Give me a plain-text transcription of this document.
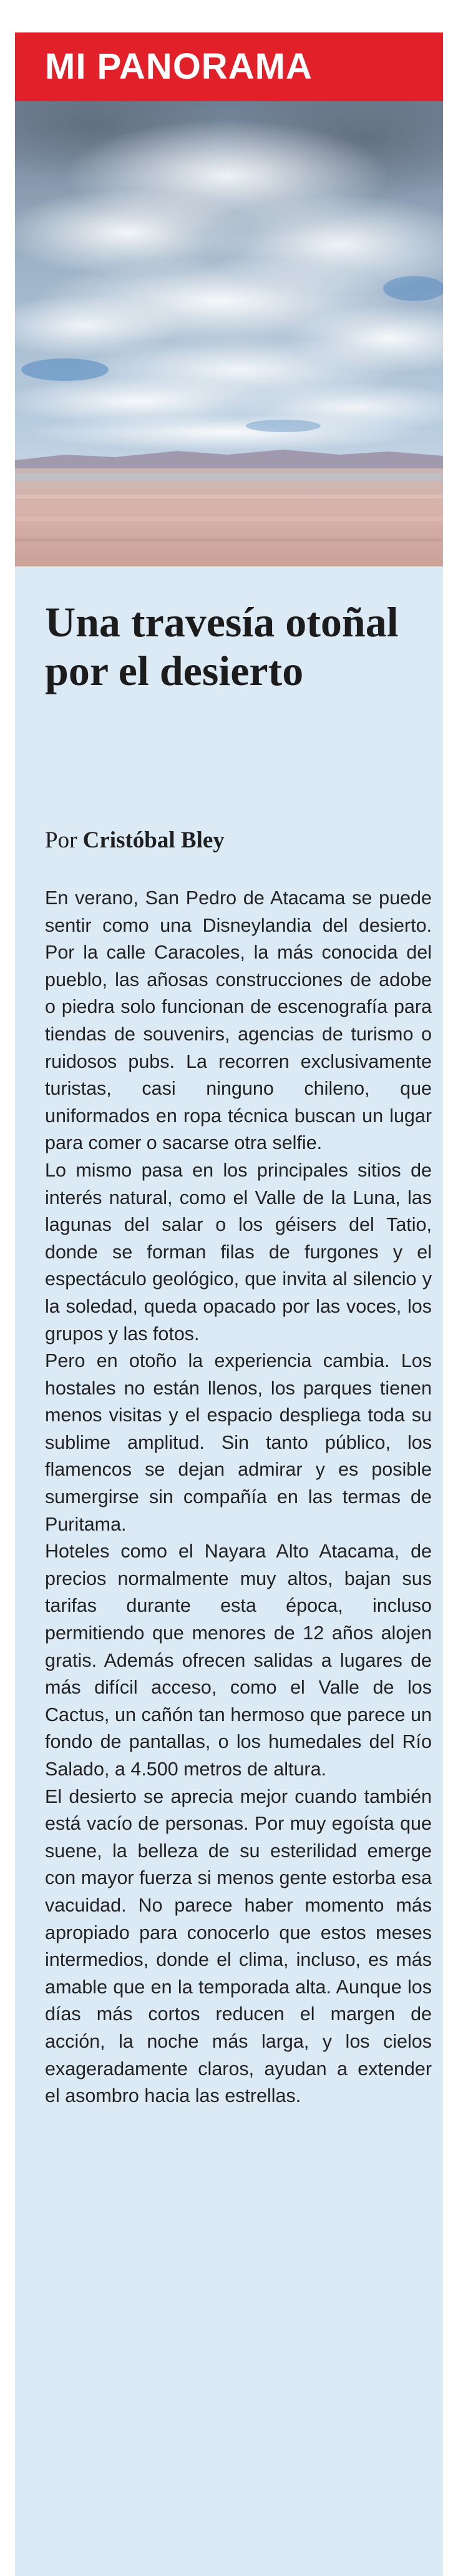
MI PANORAMA
Una travesía otoñal por el desierto
Por Cristóbal Bley

En verano, San Pedro de Atacama se puede sentir como una Disneylandia del desierto. Por la calle Caracoles, la más conocida del pueblo, las añosas construcciones de adobe o piedra solo funcionan de escenografía para tiendas de souvenirs, agencias de turismo o ruidosos pubs. La recorren exclusivamente turistas, casi ninguno chileno, que uniformados en ropa técnica buscan un lugar para comer o sacarse otra selfie.

Lo mismo pasa en los principales sitios de interés natural, como el Valle de la Luna, las lagunas del salar o los géisers del Tatio, donde se forman filas de furgones y el espectáculo geológico, que invita al silencio y la soledad, queda opacado por las voces, los grupos y las fotos.

Pero en otoño la experiencia cambia. Los hostales no están llenos, los parques tienen menos visitas y el espacio despliega toda su sublime amplitud. Sin tanto público, los flamencos se dejan admirar y es posible sumergirse sin compañía en las termas de Puritama.

Hoteles como el Nayara Alto Atacama, de precios normalmente muy altos, bajan sus tarifas durante esta época, incluso permitiendo que menores de 12 años alojen gratis. Además ofrecen salidas a lugares de más difícil acceso, como el Valle de los Cactus, un cañón tan hermoso que parece un fondo de pantallas, o los humedales del Río Salado, a 4.500 metros de altura.

El desierto se aprecia mejor cuando también está vacío de personas. Por muy egoísta que suene, la belleza de su esterilidad emerge con mayor fuerza si menos gente estorba esa vacuidad. No parece haber momento más apropiado para conocerlo que estos meses intermedios, donde el clima, incluso, es más amable que en la temporada alta. Aunque los días más cortos reducen el margen de acción, la noche más larga, y los cielos exageradamente claros, ayudan a extender el asombro hacia las estrellas.
